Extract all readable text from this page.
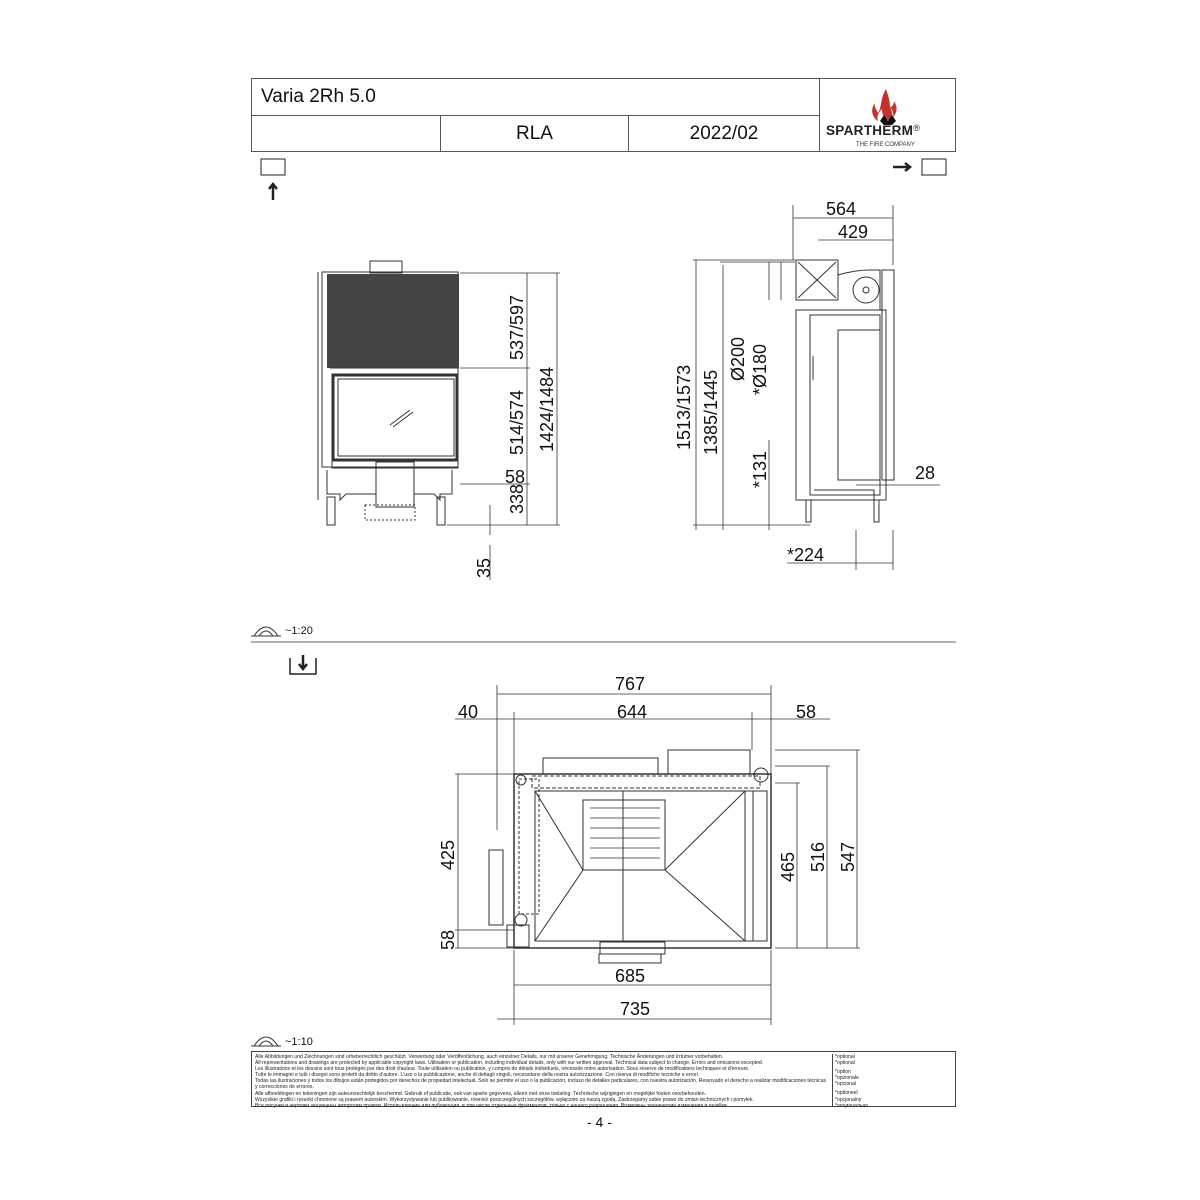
Varia 2Rh 5.0
RLA	2022/02	SPARTHERM®
THE FIRE COMPANY
58
537/597
514/574 1424/1484
338
35
564
429
1513/1573 1385/1445
Ø200 *Ø180
*131	28
*224
767
40	644	58
425
58
465 516 547
685
735
~1:20
~1:10
Alle Abbildungen und Zeichnungen sind urheberrechtlich geschützt. Verwertung oder Veröffentlichung, auch einzelner Details, nur mit unserer Genehmigung. Technische Änderungen und Irrtümer vorbehalten.
All representations and drawings are protected by applicable copyright laws. Utilisation or publication, including individual details, only with our written approval. Technical data subject to change. Errors and omissions excepted.
Les illustrations et les dessins sont tous protégés par des droit d'auteur. Toute utilisation ou publication, y compris de détails individuels, nécessite notre autorisation. Sous réserve de modifications techniques et d'erreurs.
Tutte le immagini e tutti i disegni sono protetti da diritto d'autore. L'uso o la pubblicazione, anche di dettagli singoli, necessitano della nostra autorizzazione. Con riserva di modifiche tecniche e errori.
Todas las ilustraciones y todos los dibujos están protegidos por derechos de propiedad intelectual. Solo se permite el uso o la publicación, incluso de detalles particulares, con nuestra autorización. Reservado el derecho a realizar modificaciones técnicas y correcciones de errores.
Alle afbeeldingen en tekeningen zijn auteursrechtelijk beschermd. Gebruik of publicatie, ook van aparte gegevens, alleen met onze toelating. Technische wijzigingen en mogelijke fouten voorbehouden.
Wszystkie grafiki i rysunki chronione są prawem autorskim. Wykorzystywanie lub publikowanie, również poszczególnych szczegółów, wyłącznie za naszą zgodą. Zastrzegamy sobie prawo do zmian technicznych i pomyłek.
Все рисунки и чертежи защищены авторским правом. Использование или публикация, в том числе отдельных фрагментов, только с нашего разрешения. Возможны технические изменения и ошибки.
*optional
*optional
*option
*opzionale
*opcional
*optioneel
*opcjonalny
*опционально
- 4 -
